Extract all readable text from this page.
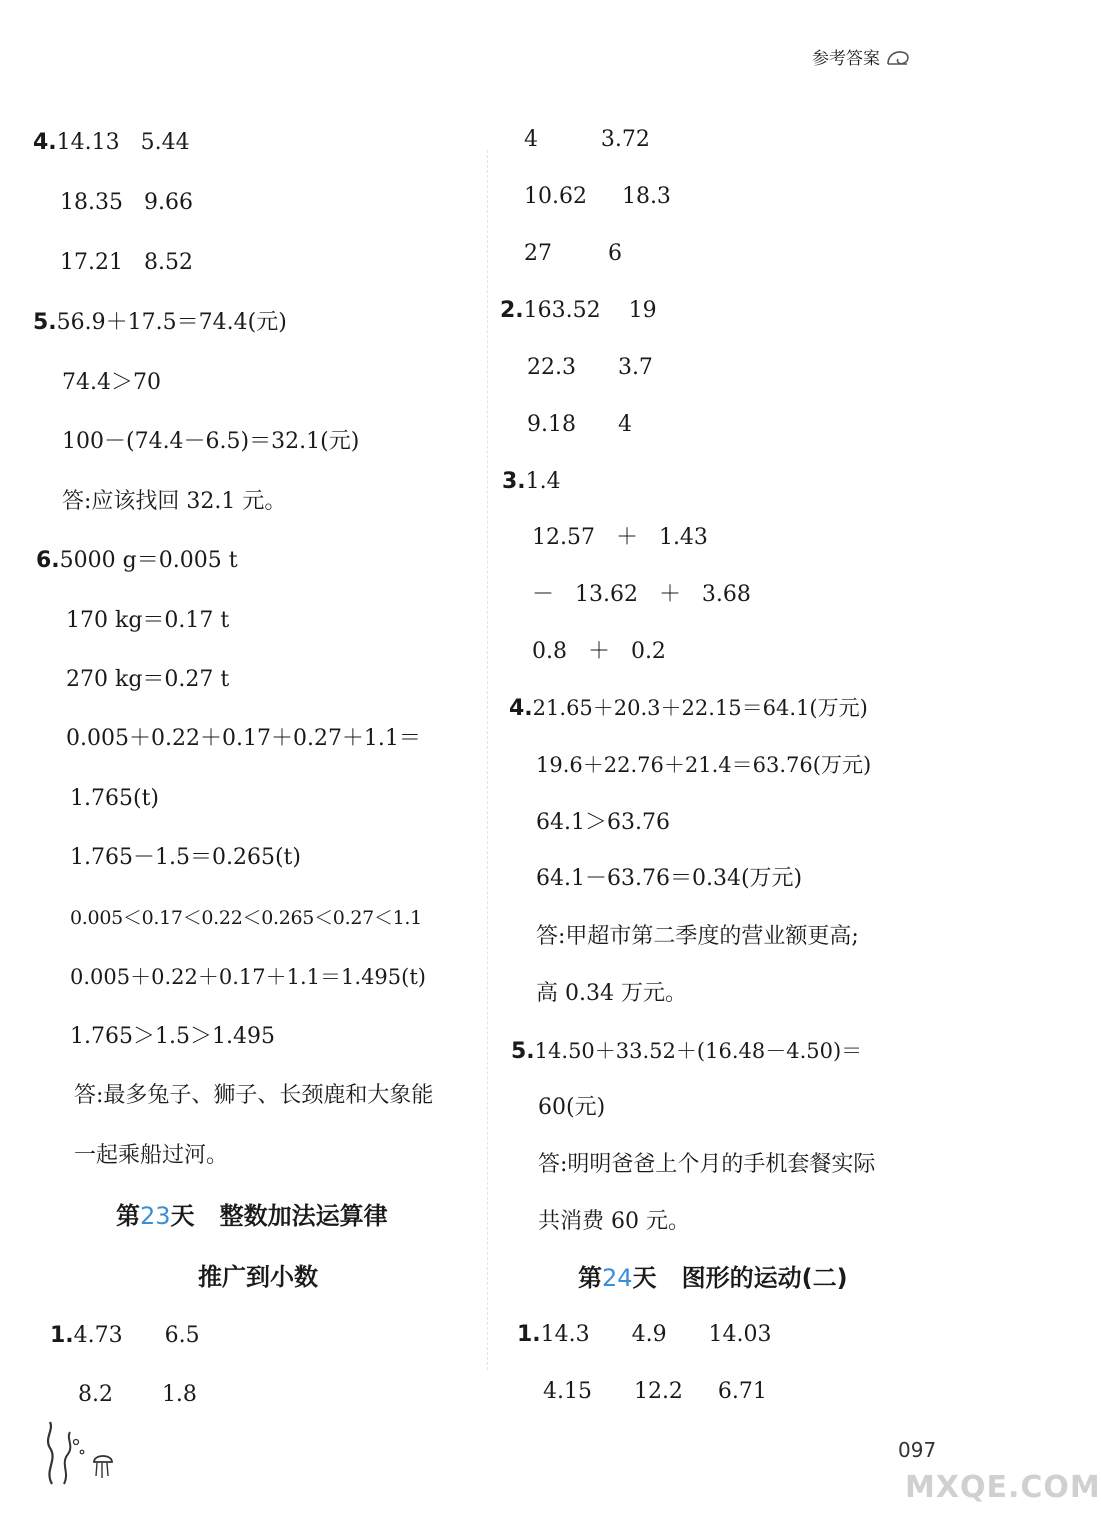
参考答案
4.14.13   5.44
18.35   9.66
17.21   8.52
5.56.9＋17.5＝74.4(元)
74.4＞70
100－(74.4－6.5)＝32.1(元)
答:应该找回 32.1 元。
6.5000 g＝0.005 t
170 kg＝0.17 t
270 kg＝0.27 t
0.005＋0.22＋0.17＋0.27＋1.1＝
1.765(t)
1.765－1.5＝0.265(t)
0.005＜0.17＜0.22＜0.265＜0.27＜1.1
0.005＋0.22＋0.17＋1.1＝1.495(t)
1.765＞1.5＞1.495
答:最多兔子、狮子、长颈鹿和大象能
一起乘船过河。
第23天   整数加法运算律
推广到小数
1.4.73      6.5
8.2       1.8
4         3.72
10.62     18.3
27        6
2.163.52    19
22.3      3.7
9.18      4
3.1.4
12.57   ＋   1.43
－   13.62   ＋   3.68
0.8   ＋   0.2
4.21.65＋20.3＋22.15＝64.1(万元)
19.6＋22.76＋21.4＝63.76(万元)
64.1＞63.76
64.1－63.76＝0.34(万元)
答:甲超市第二季度的营业额更高;
高 0.34 万元。
5.14.50＋33.52＋(16.48－4.50)＝
60(元)
答:明明爸爸上个月的手机套餐实际
共消费 60 元。
第24天   图形的运动(二)
1.14.3      4.9      14.03
4.15      12.2     6.71
097
MXQE.COM
